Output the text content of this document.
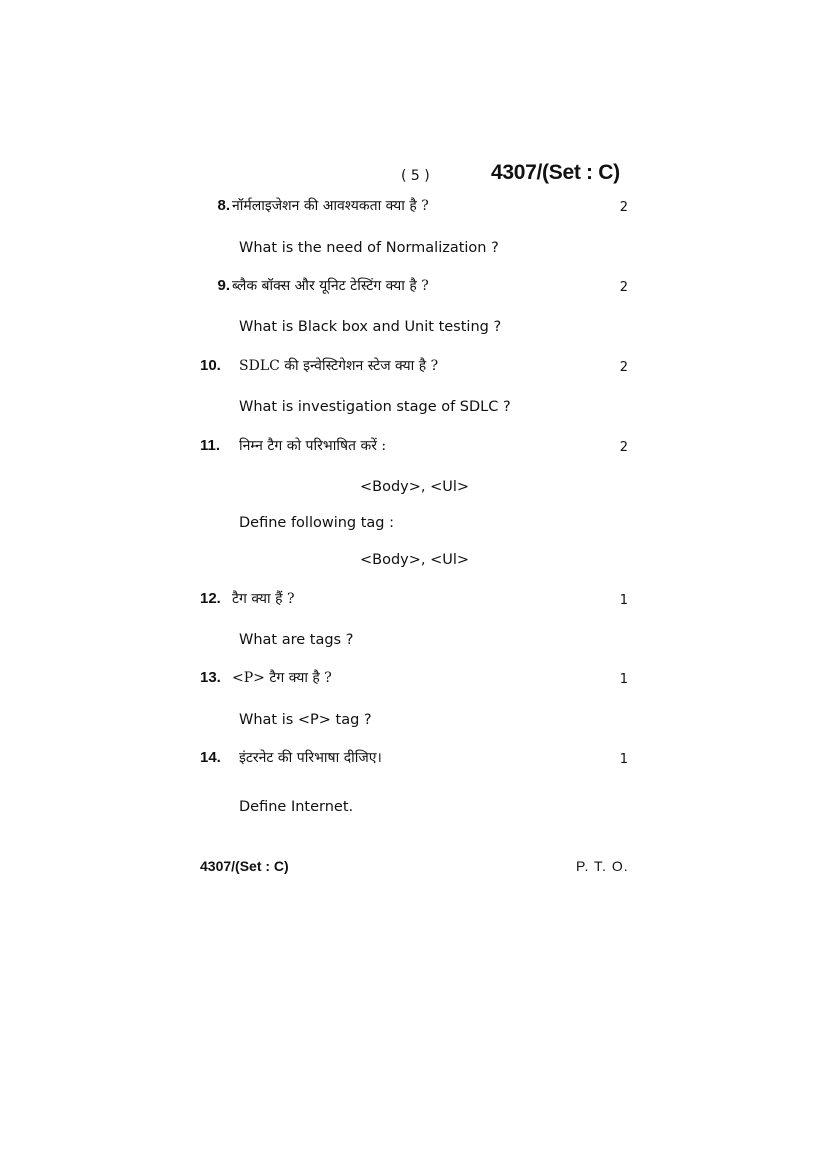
( 5 )	4307/(Set : C)
8. नॉर्मलाइजेशन की आवश्यकता क्या है ?	2
What is the need of Normalization ?
9. ब्लैक बॉक्स और यूनिट टेस्टिंग क्या है ?	2
What is Black box and Unit testing ?
10.	SDLC की इन्वेस्टिगेशन स्टेज क्या है ?	2
What is investigation stage of SDLC ?
11.	निम्न टैग को परिभाषित करें :	2
<Body>, <Ul>
Define following tag :
<Body>, <Ul>
12. टैग क्या हैं ?	1
What are tags ?
13. <P> टैग क्या है ?	1
What is <P> tag ?
14.	इंटरनेट की परिभाषा दीजिए।	1
Define Internet.
4307/(Set : C)	P. T. O.
